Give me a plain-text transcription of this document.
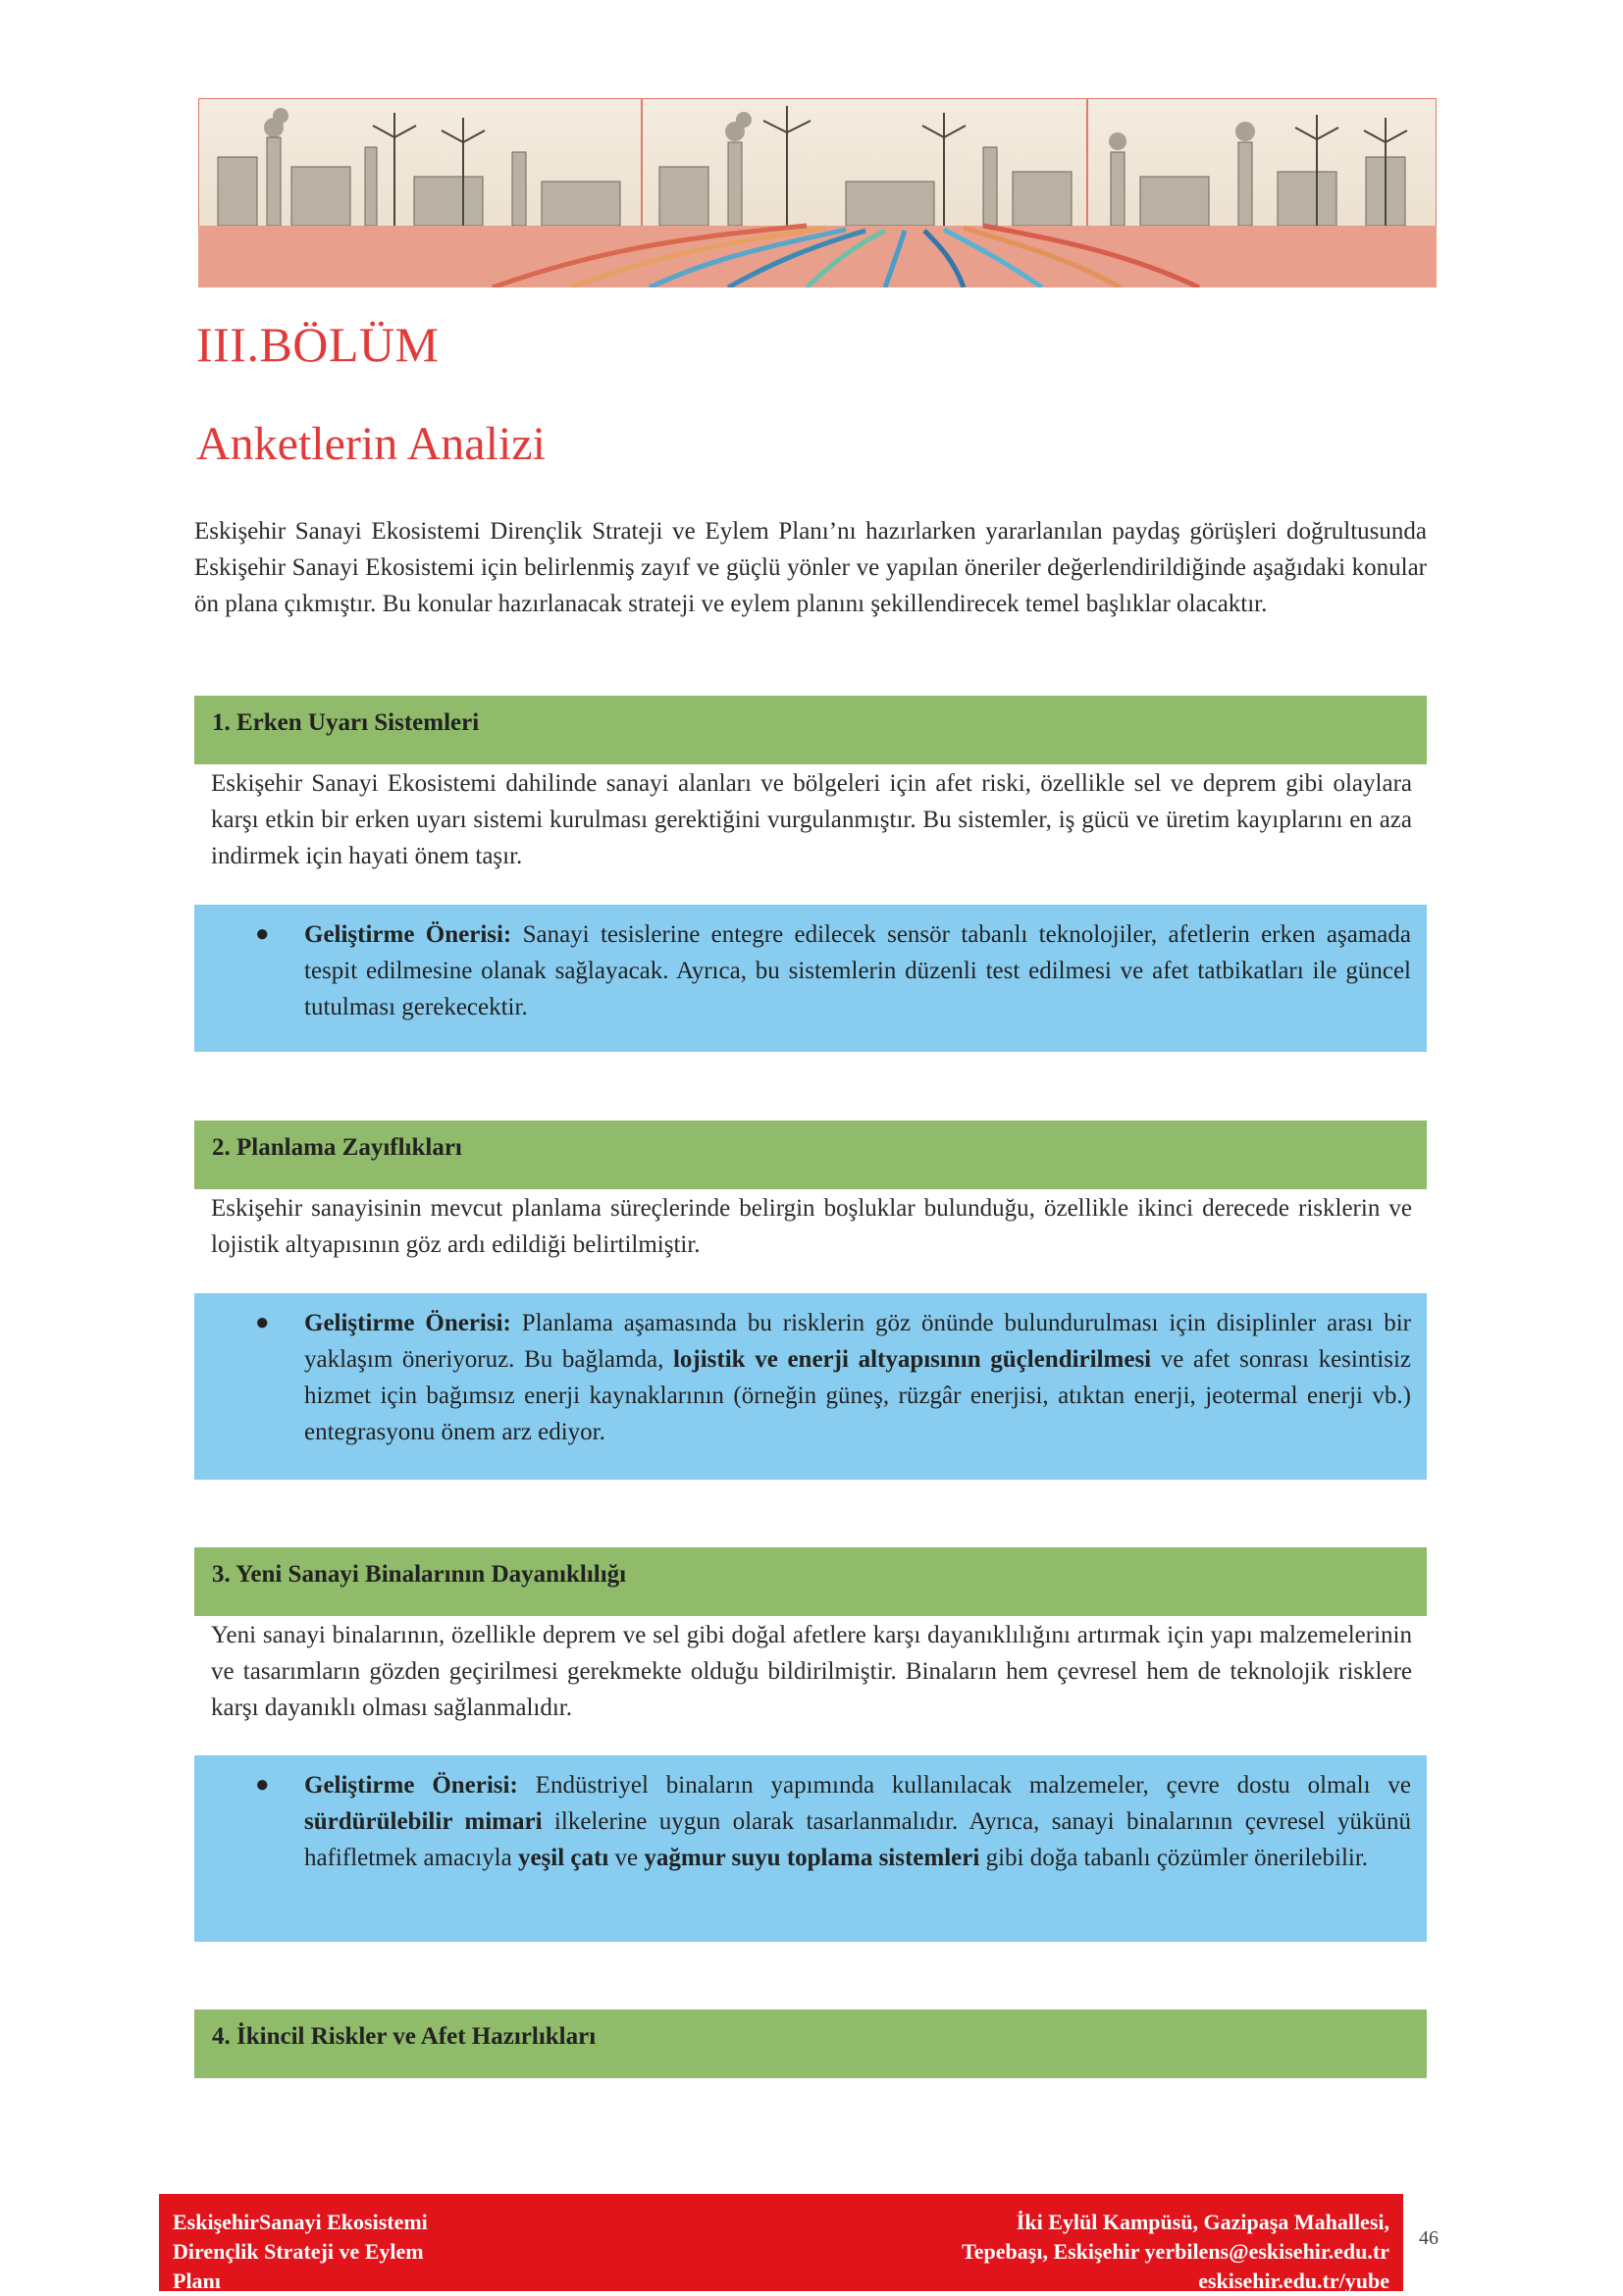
III.BÖLÜM
Anketlerin Analizi
Eskişehir Sanayi Ekosistemi Dirençlik Strateji ve Eylem Planı’nı hazırlarken yararlanılan paydaş görüşleri doğrultusunda Eskişehir Sanayi Ekosistemi için belirlenmiş zayıf ve güçlü yönler ve yapılan öneriler değerlendirildiğinde aşağıdaki konular ön plana çıkmıştır. Bu konular hazırlanacak strateji ve eylem planını şekillendirecek temel başlıklar olacaktır.
1. Erken Uyarı Sistemleri
Eskişehir Sanayi Ekosistemi dahilinde sanayi alanları ve bölgeleri için afet riski, özellikle sel ve deprem gibi olaylara karşı etkin bir erken uyarı sistemi kurulması gerektiğini vurgulanmıştır. Bu sistemler, iş gücü ve üretim kayıplarını en aza indirmek için hayati önem taşır.
● Geliştirme Önerisi: Sanayi tesislerine entegre edilecek sensör tabanlı teknolojiler, afetlerin erken aşamada tespit edilmesine olanak sağlayacak. Ayrıca, bu sistemlerin düzenli test edilmesi ve afet tatbikatları ile güncel tutulması gerekecektir.
2. Planlama Zayıflıkları
Eskişehir sanayisinin mevcut planlama süreçlerinde belirgin boşluklar bulunduğu, özellikle ikinci derecede risklerin ve lojistik altyapısının göz ardı edildiği belirtilmiştir.
● Geliştirme Önerisi: Planlama aşamasında bu risklerin göz önünde bulundurulması için disiplinler arası bir yaklaşım öneriyoruz. Bu bağlamda, lojistik ve enerji altyapısının güçlendirilmesi ve afet sonrası kesintisiz hizmet için bağımsız enerji kaynaklarının (örneğin güneş, rüzgâr enerjisi, atıktan enerji, jeotermal enerji vb.) entegrasyonu önem arz ediyor.
3. Yeni Sanayi Binalarının Dayanıklılığı
Yeni sanayi binalarının, özellikle deprem ve sel gibi doğal afetlere karşı dayanıklılığını artırmak için yapı malzemelerinin ve tasarımların gözden geçirilmesi gerekmekte olduğu bildirilmiştir. Binaların hem çevresel hem de teknolojik risklere karşı dayanıklı olması sağlanmalıdır.
● Geliştirme Önerisi: Endüstriyel binaların yapımında kullanılacak malzemeler, çevre dostu olmalı ve sürdürülebilir mimari ilkelerine uygun olarak tasarlanmalıdır. Ayrıca, sanayi binalarının çevresel yükünü hafifletmek amacıyla yeşil çatı ve yağmur suyu toplama sistemleri gibi doğa tabanlı çözümler önerilebilir.
4. İkincil Riskler ve Afet Hazırlıkları
EskişehirSanayi Ekosistemi
Dirençlik Strateji ve Eylem
Planı
İki Eylül Kampüsü, Gazipaşa Mahallesi,
Tepebaşı, Eskişehir yerbilens@eskisehir.edu.tr
eskisehir.edu.tr/yube
46
